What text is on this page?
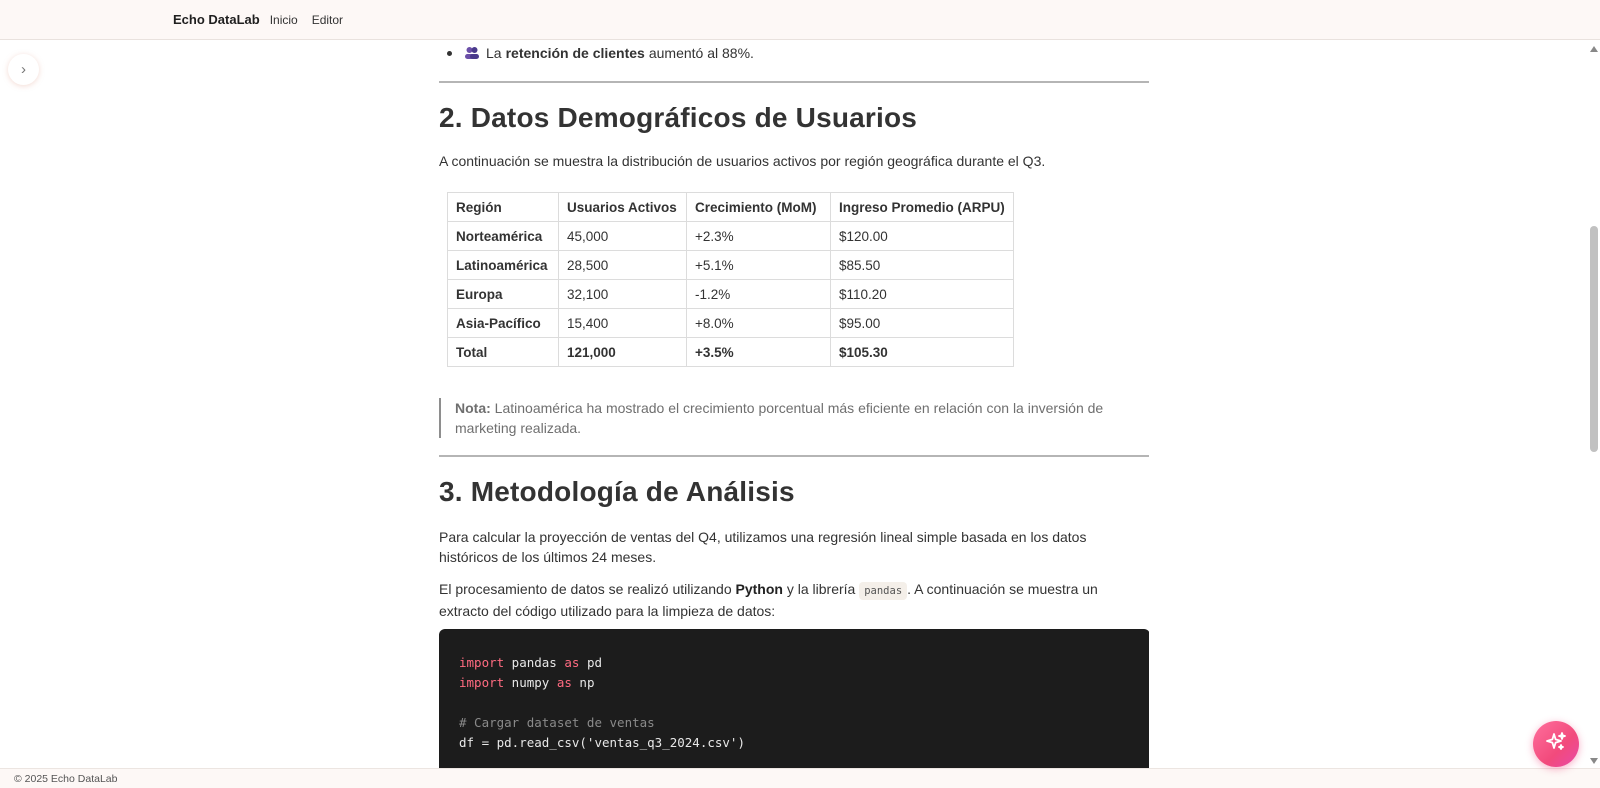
Echo DataLab Inicio Editor
›
La retención de clientes aumentó al 88%.
2. Datos Demográficos de Usuarios

A continuación se muestra la distribución de usuarios activos por región geográfica durante el Q3.

Región	Usuarios Activos	Crecimiento (MoM)	Ingreso Promedio (ARPU)
Norteamérica	45,000	+2.3%	$120.00
Latinoamérica	28,500	+5.1%	$85.50
Europa	32,100	-1.2%	$110.20
Asia-Pacífico	15,400	+8.0%	$95.00
Total	121,000	+3.5%	$105.30
Nota: Latinoamérica ha mostrado el crecimiento porcentual más eficiente en relación con la inversión de marketing realizada.
3. Metodología de Análisis

Para calcular la proyección de ventas del Q4, utilizamos una regresión lineal simple basada en los datos históricos de los últimos 24 meses.

El procesamiento de datos se realizó utilizando Python y la librería pandas . A continuación se muestra un extracto del código utilizado para la limpieza de datos:

import pandas as pd
import numpy as np

# Cargar dataset de ventas
df = pd.read_csv('ventas_q3_2024.csv')
© 2025 Echo DataLab
